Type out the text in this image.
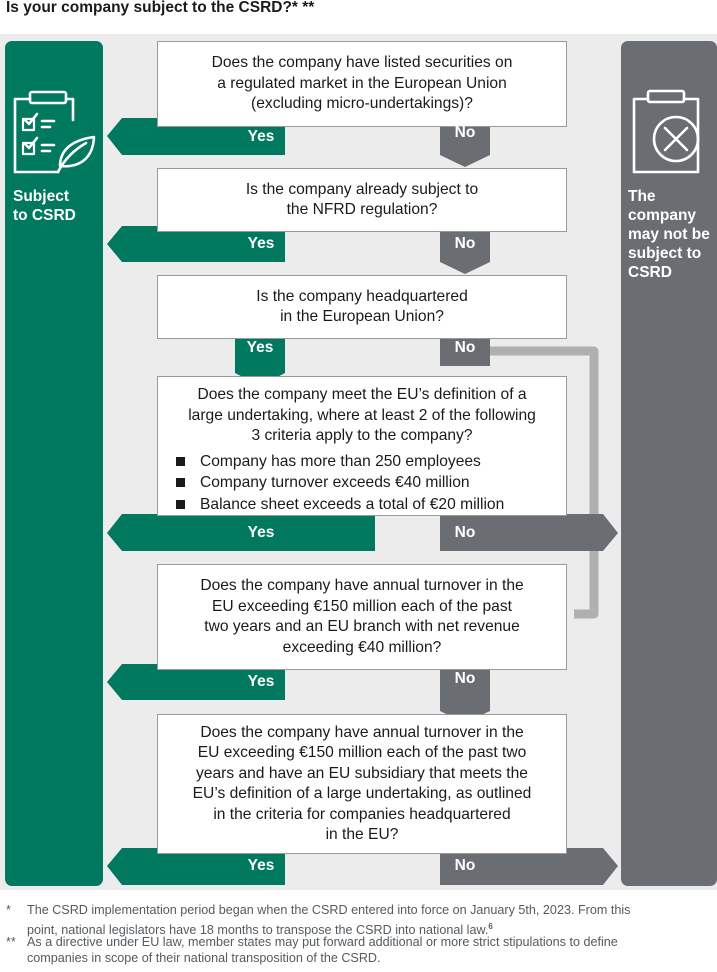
Is your company subject to the CSRD?* **
Subject
to CSRD
The
company
may not be
subject to
CSRD
Does the company have listed securities on
a regulated market in the European Union
(excluding micro-undertakings)?
Is the company already subject to
the NFRD regulation?
Is the company headquartered
in the European Union?
Does the company meet the EU’s definition of a
large undertaking, where at least 2 of the following
3 criteria apply to the company?
Company has more than 250 employees
Company turnover exceeds €40 million
Balance sheet exceeds a total of €20 million
Does the company have annual turnover in the
EU exceeding €150 million each of the past
two years and an EU branch with net revenue
exceeding €40 million?
Does the company have annual turnover in the
EU exceeding €150 million each of the past two
years and have an EU subsidiary that meets the
EU’s definition of a large undertaking, as outlined
in the criteria for companies headquartered
in the EU?
Yes	No
Yes	No
Yes	No
Yes	No
Yes	No
Yes	No
* The CSRD implementation period began when the CSRD entered into force on January 5th, 2023. From this
point, national legislators have 18 months to transpose the CSRD into national law.$^6$
** As a directive under EU law, member states may put forward additional or more strict stipulations to define
companies in scope of their national transposition of the CSRD.
